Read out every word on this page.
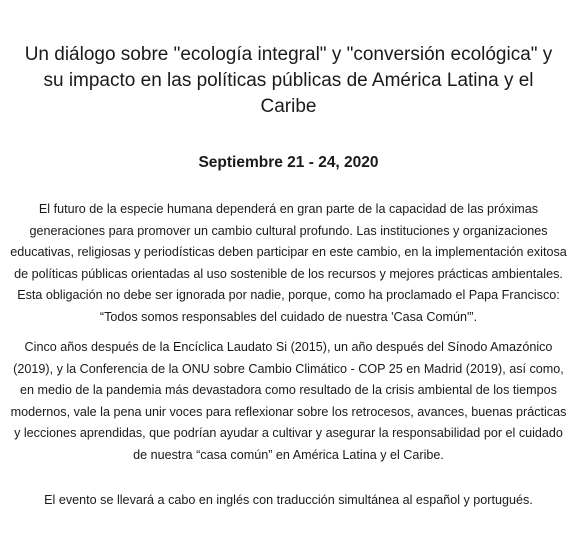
Un diálogo sobre "ecología integral" y "conversión ecológica" y su impacto en las políticas públicas de América Latina y el Caribe

Septiembre 21 - 24, 2020

El futuro de la especie humana dependerá en gran parte de la capacidad de las próximas generaciones para promover un cambio cultural profundo. Las instituciones y organizaciones educativas, religiosas y periodísticas deben participar en este cambio, en la implementación exitosa de políticas públicas orientadas al uso sostenible de los recursos y mejores prácticas ambientales. Esta obligación no debe ser ignorada por nadie, porque, como ha proclamado el Papa Francisco: “Todos somos responsables del cuidado de nuestra 'Casa Común'”.

Cinco años después de la Encíclica Laudato Si (2015), un año después del Sínodo Amazónico (2019), y la Conferencia de la ONU sobre Cambio Climático - COP 25 en Madrid (2019), así como, en medio de la pandemia más devastadora como resultado de la crisis ambiental de los tiempos modernos, vale la pena unir voces para reflexionar sobre los retrocesos, avances, buenas prácticas y lecciones aprendidas, que podrían ayudar a cultivar y asegurar la responsabilidad por el cuidado de nuestra “casa común” en América Latina y el Caribe.

El evento se llevará a cabo en inglés con traducción simultánea al español y portugués.
